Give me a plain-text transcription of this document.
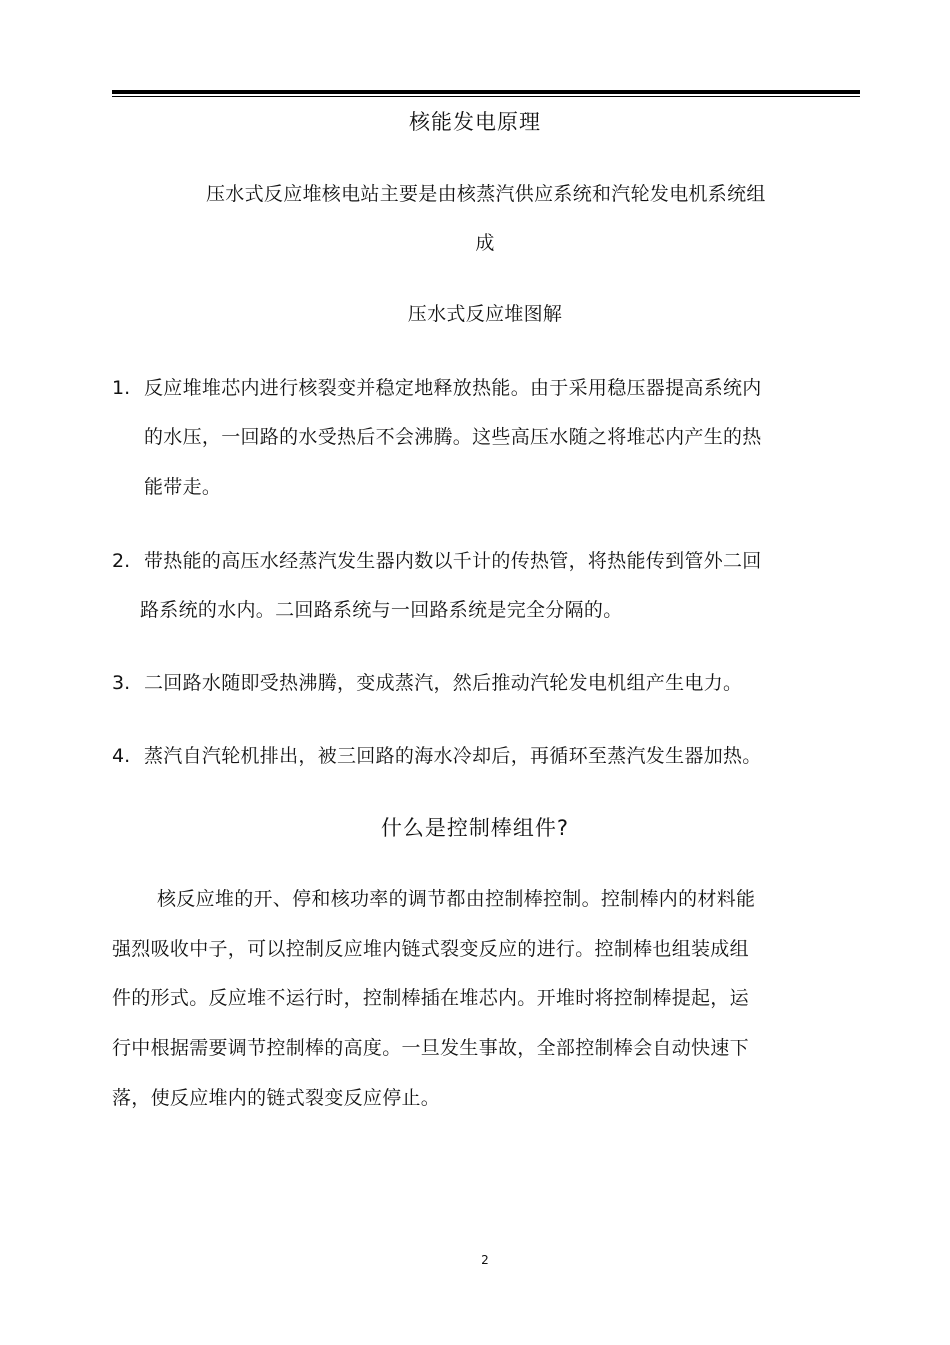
核能发电原理
压水式反应堆核电站主要是由核蒸汽供应系统和汽轮发电机系统组
成
压水式反应堆图解
1. 反应堆堆芯内进行核裂变并稳定地释放热能。由于采用稳压器提高系统内
的水压，一回路的水受热后不会沸腾。这些高压水随之将堆芯内产生的热
能带走。
2. 带热能的高压水经蒸汽发生器内数以千计的传热管，将热能传到管外二回
路系统的水内。二回路系统与一回路系统是完全分隔的。
3. 二回路水随即受热沸腾，变成蒸汽，然后推动汽轮发电机组产生电力。
4. 蒸汽自汽轮机排出，被三回路的海水冷却后，再循环至蒸汽发生器加热。
什么是控制棒组件?
核反应堆的开、停和核功率的调节都由控制棒控制。控制棒内的材料能
强烈吸收中子，可以控制反应堆内链式裂变反应的进行。控制棒也组装成组
件的形式。反应堆不运行时，控制棒插在堆芯内。开堆时将控制棒提起，运
行中根据需要调节控制棒的高度。一旦发生事故，全部控制棒会自动快速下
落，使反应堆内的链式裂变反应停止。
2
